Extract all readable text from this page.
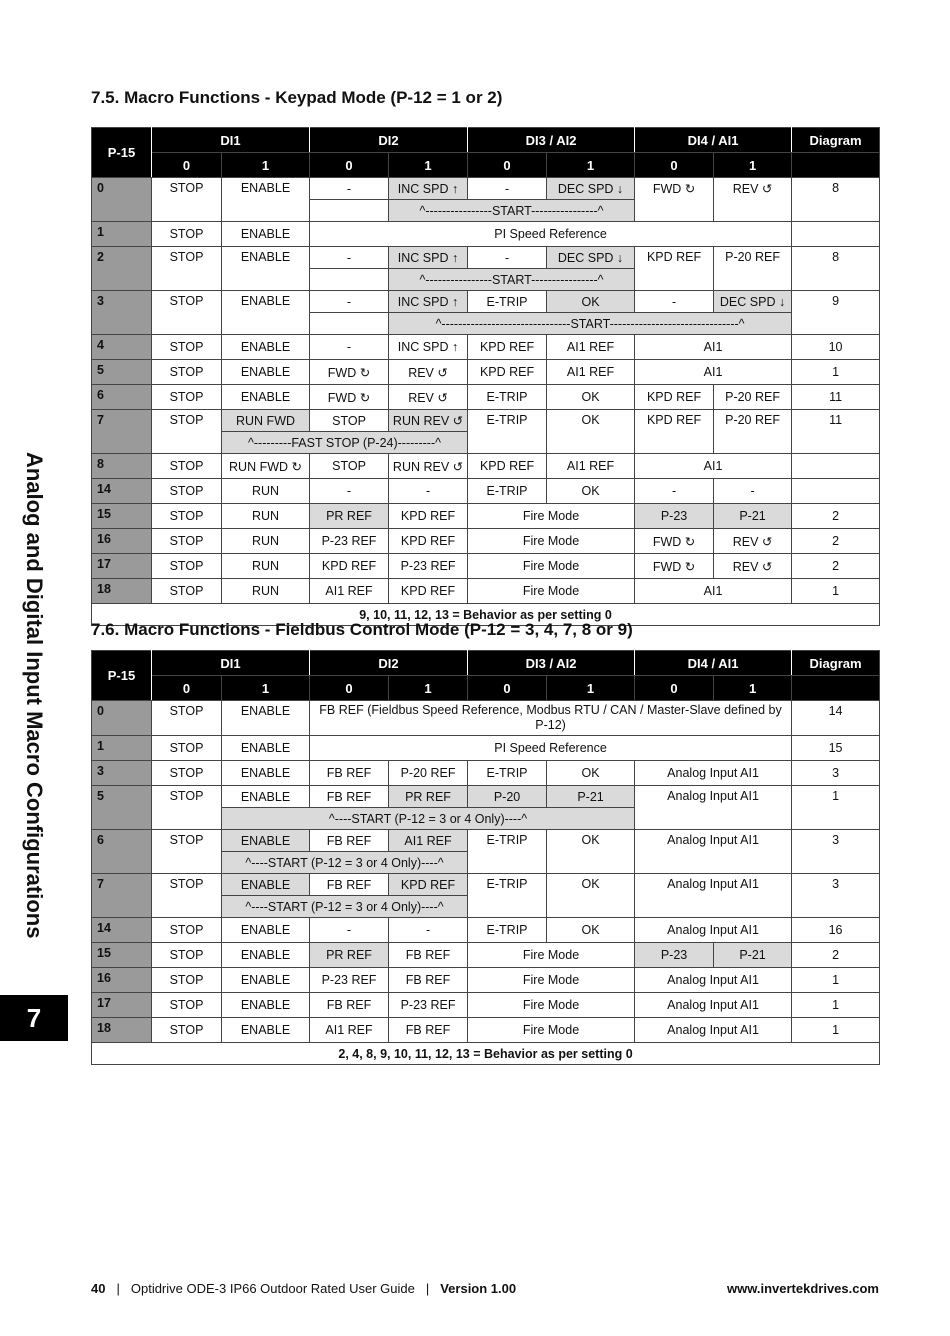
7.5. Macro Functions - Keypad Mode (P-12 = 1 or 2)
P-15	DI1		DI2		DI3 / AI2		DI4 / AI1		Diagram
	0	1	0	1	0	1	0	1	
0	STOP	ENABLE	-	INC SPD ↑	-	DEC SPD ↓	FWD ↻	REV ↺	8
				^----------------START----------------^					
1	STOP	ENABLE	PI Speed Reference						
2	STOP	ENABLE	-	INC SPD ↑	-	DEC SPD ↓	KPD REF	P-20 REF	8
				^----------------START----------------^					
3	STOP	ENABLE	-	INC SPD ↑	E-TRIP	OK	-	DEC SPD ↓	9
				^-------------------------------START-------------------------------^					
4	STOP	ENABLE	-	INC SPD ↑	KPD REF	AI1 REF	AI1		10
5	STOP	ENABLE	FWD ↻	REV ↺	KPD REF	AI1 REF	AI1		1
6	STOP	ENABLE	FWD ↻	REV ↺	E-TRIP	OK	KPD REF	P-20 REF	11
7	STOP	RUN FWD	STOP	RUN REV ↺	E-TRIP	OK	KPD REF	P-20 REF	11
		^---------FAST STOP (P-24)---------^							
8	STOP	RUN FWD ↻	STOP	RUN REV ↺	KPD REF	AI1 REF	AI1		
14	STOP	RUN	-	-	E-TRIP	OK	-	-	
15	STOP	RUN	PR REF	KPD REF	Fire Mode		P-23	P-21	2
16	STOP	RUN	P-23 REF	KPD REF	Fire Mode		FWD ↻	REV ↺	2
17	STOP	RUN	KPD REF	P-23 REF	Fire Mode		FWD ↻	REV ↺	2
18	STOP	RUN	AI1 REF	KPD REF	Fire Mode		AI1		1
9, 10, 11, 12, 13 = Behavior as per setting 0									
7.6. Macro Functions - Fieldbus Control Mode (P-12 = 3, 4, 7, 8 or 9)
P-15	DI1		DI2		DI3 / AI2		DI4 / AI1		Diagram
	0	1	0	1	0	1	0	1	
0	STOP	ENABLE	FB REF (Fieldbus Speed Reference, Modbus RTU / CAN / Master-Slave defined by P-12)						14
1	STOP	ENABLE	PI Speed Reference						15
3	STOP	ENABLE	FB REF	P-20 REF	E-TRIP	OK	Analog Input AI1		3
5	STOP	ENABLE	FB REF	PR REF	P-20	P-21	Analog Input AI1		1
		^----START (P-12 = 3 or 4 Only)----^							
6	STOP	ENABLE	FB REF	AI1 REF	E-TRIP	OK	Analog Input AI1		3
		^----START (P-12 = 3 or 4 Only)----^							
7	STOP	ENABLE	FB REF	KPD REF	E-TRIP	OK	Analog Input AI1		3
		^----START (P-12 = 3 or 4 Only)----^							
14	STOP	ENABLE	-	-	E-TRIP	OK	Analog Input AI1		16
15	STOP	ENABLE	PR REF	FB REF	Fire Mode		P-23	P-21	2
16	STOP	ENABLE	P-23 REF	FB REF	Fire Mode		Analog Input AI1		1
17	STOP	ENABLE	FB REF	P-23 REF	Fire Mode		Analog Input AI1		1
18	STOP	ENABLE	AI1 REF	FB REF	Fire Mode		Analog Input AI1		1
2, 4, 8, 9, 10, 11, 12, 13 = Behavior as per setting 0									
Analog and Digital Input Macro Configurations
7
40 | Optidrive ODE-3 IP66 Outdoor Rated User Guide | Version 1.00	www.invertekdrives.com
